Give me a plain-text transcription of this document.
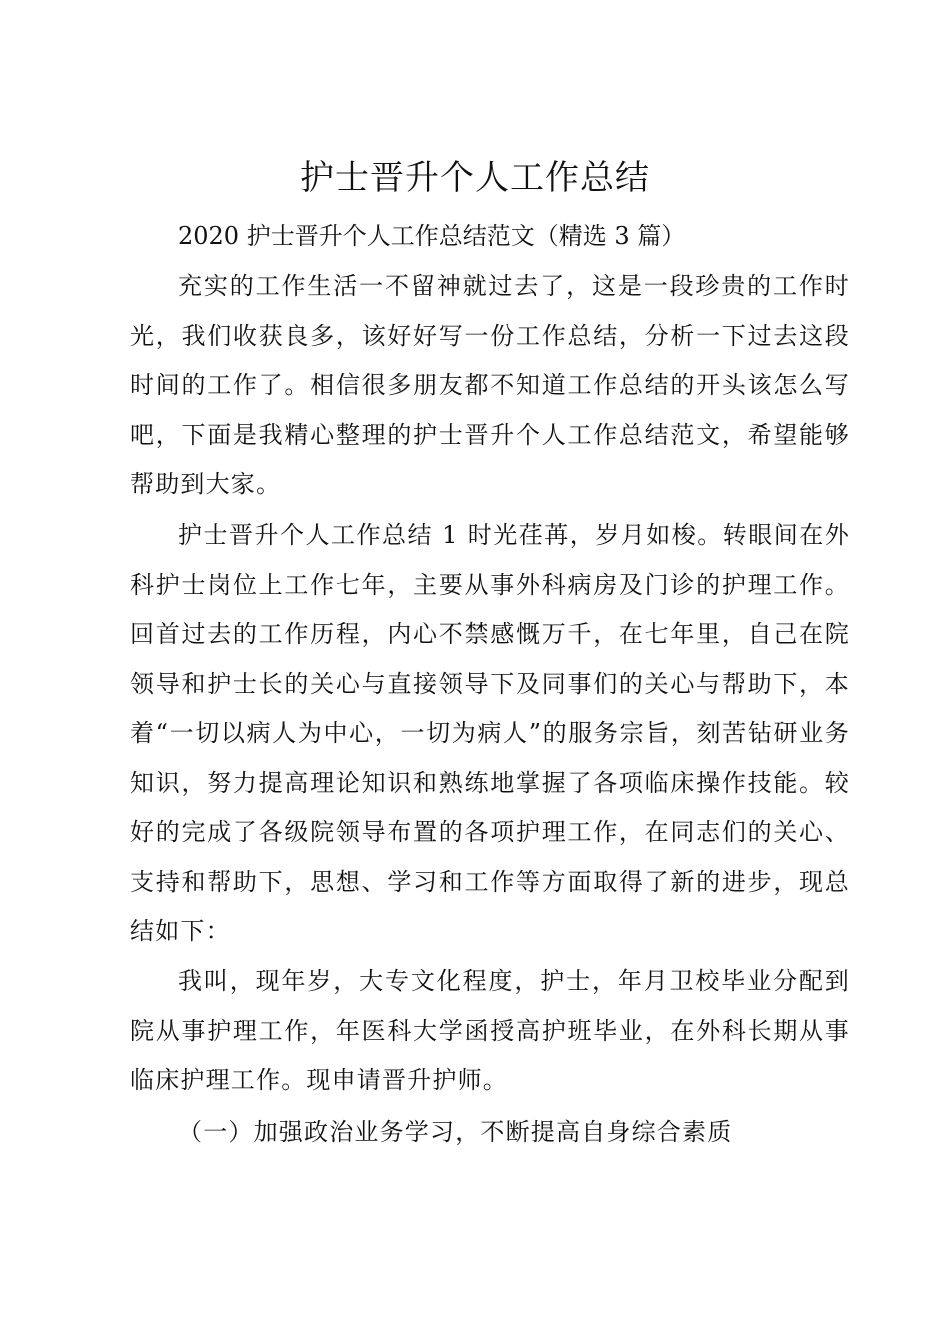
护士晋升个人工作总结

2020 护士晋升个人工作总结范文（精选 3 篇）

充实的工作生活一不留神就过去了，这是一段珍贵的工作时光，我们收获良多，该好好写一份工作总结，分析一下过去这段时间的工作了。相信很多朋友都不知道工作总结的开头该怎么写吧，下面是我精心整理的护士晋升个人工作总结范文，希望能够帮助到大家。

护士晋升个人工作总结 1 时光荏苒，岁月如梭。转眼间在外科护士岗位上工作七年，主要从事外科病房及门诊的护理工作。回首过去的工作历程，内心不禁感慨万千，在七年里，自己在院领导和护士长的关心与直接领导下及同事们的关心与帮助下，本着“一切以病人为中心，一切为病人”的服务宗旨，刻苦钻研业务知识，努力提高理论知识和熟练地掌握了各项临床操作技能。较好的完成了各级院领导布置的各项护理工作，在同志们的关心、支持和帮助下，思想、学习和工作等方面取得了新的进步，现总结如下：

我叫，现年岁，大专文化程度，护士，年月卫校毕业分配到院从事护理工作，年医科大学函授高护班毕业，在外科长期从事临床护理工作。现申请晋升护师。

（一）加强政治业务学习，不断提高自身综合素质
